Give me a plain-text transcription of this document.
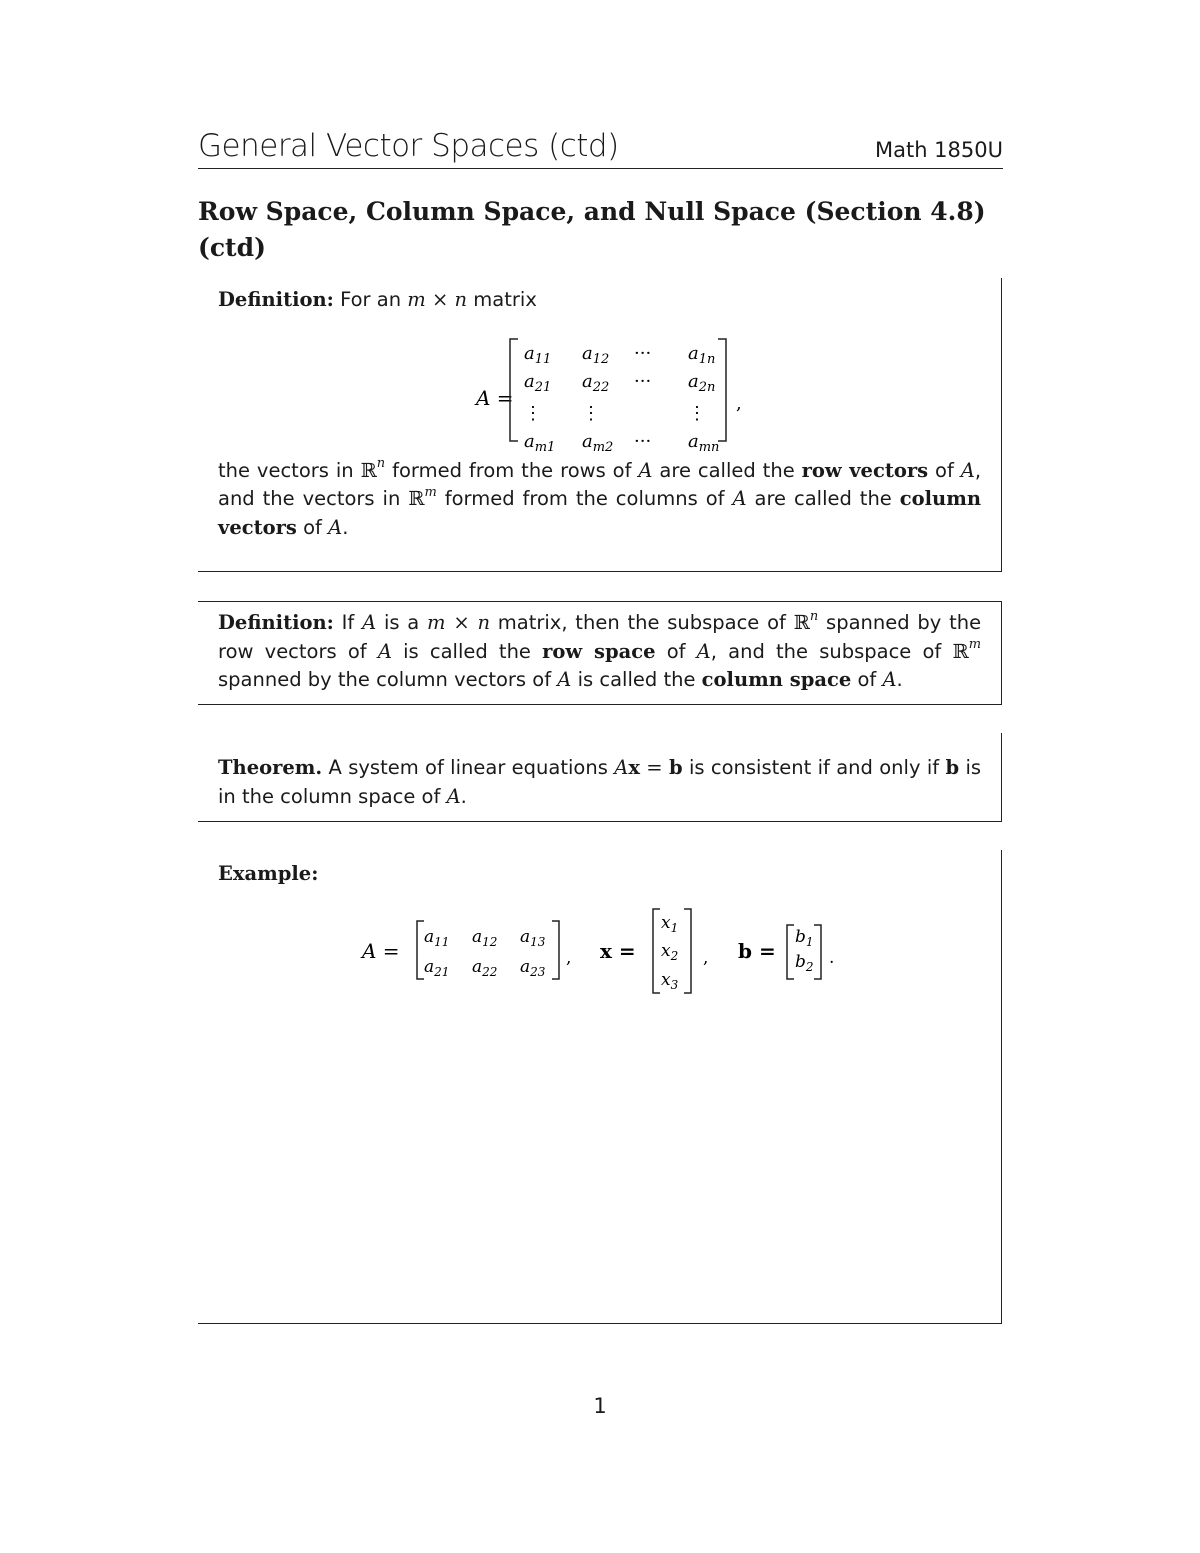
General Vector Spaces (ctd)	Math 1850U
Row Space, Column Space, and Null Space (Section 4.8)
(ctd)
Definition: For an m × n matrix
A =
$a_{11}$ $a_{12}$ ··· $a_{1n}$
$a_{21}$ $a_{22}$ ··· $a_{2n}$
⋮ ⋮	⋮
$a_{m1}$ $a_{m2}$ ··· $a_{mn}$
,
the vectors in ℝ$^n$ formed from the rows of A are called the row vectors of A, and the vectors in ℝ$^m$ formed from the columns of A are called the column vectors of A.
Definition: If A is a m × n matrix, then the subspace of ℝ$^n$ spanned by the row vectors of A is called the row space of A, and the subspace of ℝ$^m$ spanned by the column vectors of A is called the column space of A.
Theorem. A system of linear equations Ax = b is consistent if and only if b is in the column space of A.
Example:
A =
$a_{11}$ $a_{12}$ $a_{13}$
$a_{21}$ $a_{22}$ $a_{23}$
, x =
$x_1$
$x_2$
$x_3$
, b =
$b_1$
$b_2$ .
1
